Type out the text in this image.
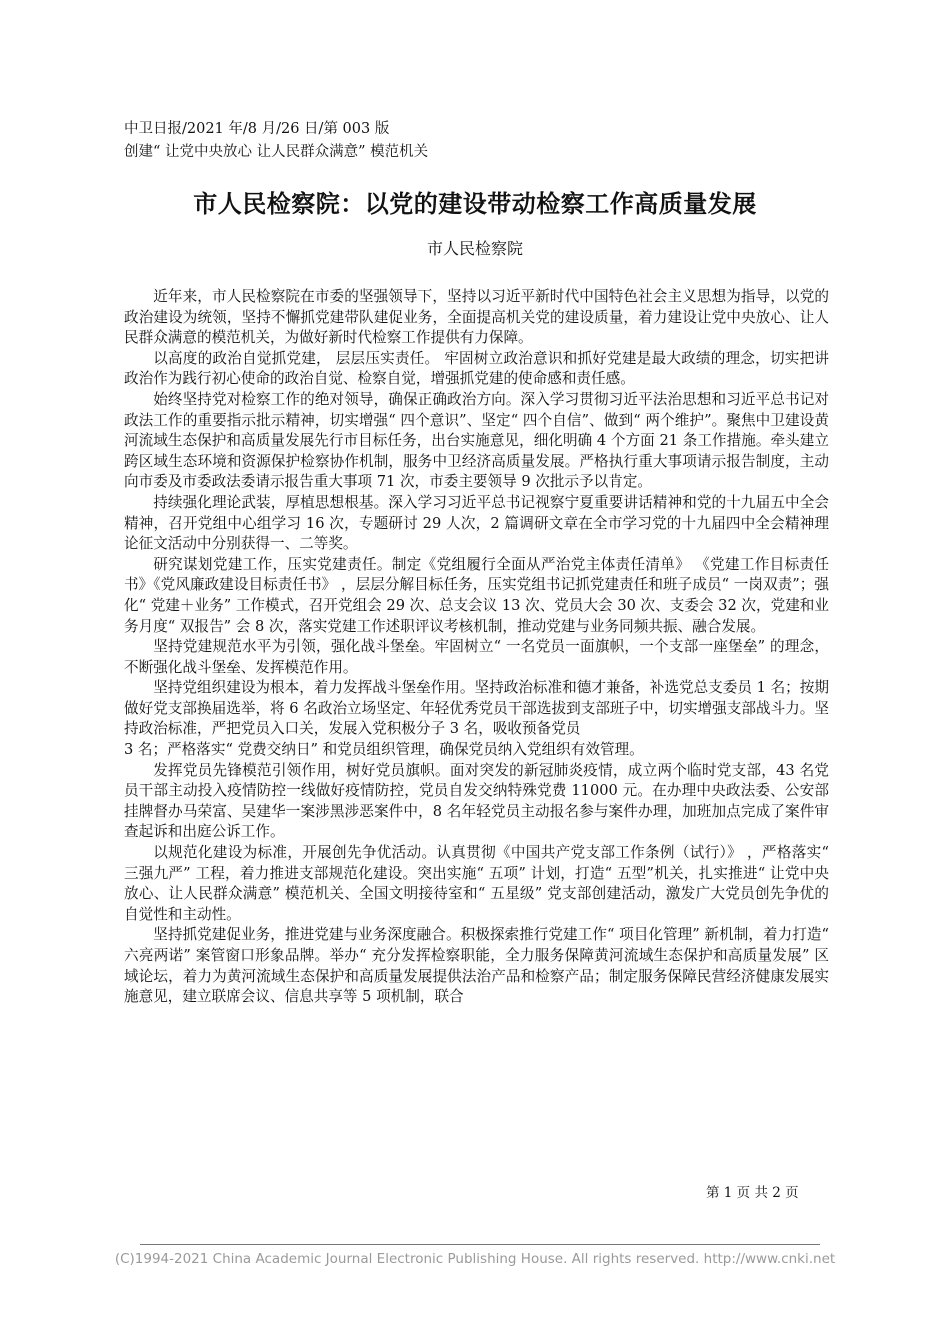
中卫日报/2021 年/8 月/26 日/第 003 版
创建“ 让党中央放心 让人民群众满意” 模范机关
市人民检察院：以党的建设带动检察工作高质量发展
市人民检察院

近年来，市人民检察院在市委的坚强领导下，坚持以习近平新时代中国特色社会主义思想为指导，以党的政治建设为统领，坚持不懈抓党建带队建促业务，全面提高机关党的建设质量，着力建设让党中央放心、让人民群众满意的模范机关，为做好新时代检察工作提供有力保障。

以高度的政治自觉抓党建， 层层压实责任。 牢固树立政治意识和抓好党建是最大政绩的理念，切实把讲政治作为践行初心使命的政治自觉、检察自觉，增强抓党建的使命感和责任感。

始终坚持党对检察工作的绝对领导，确保正确政治方向。深入学习贯彻习近平法治思想和习近平总书记对政法工作的重要指示批示精神，切实增强“ 四个意识”、坚定“ 四个自信”、做到“ 两个维护”。聚焦中卫建设黄河流域生态保护和高质量发展先行市目标任务，出台实施意见，细化明确 4 个方面 21 条工作措施。牵头建立跨区域生态环境和资源保护检察协作机制，服务中卫经济高质量发展。严格执行重大事项请示报告制度，主动向市委及市委政法委请示报告重大事项 71 次，市委主要领导 9 次批示予以肯定。

持续强化理论武装，厚植思想根基。深入学习习近平总书记视察宁夏重要讲话精神和党的十九届五中全会精神，召开党组中心组学习 16 次，专题研讨 29 人次，2 篇调研文章在全市学习党的十九届四中全会精神理论征文活动中分别获得一、二等奖。

研究谋划党建工作，压实党建责任。制定《党组履行全面从严治党主体责任清单》 《党建工作目标责任书》《党风廉政建设目标责任书》 ，层层分解目标任务，压实党组书记抓党建责任和班子成员“ 一岗双责”；强化“ 党建＋业务” 工作模式，召开党组会 29 次、总支会议 13 次、党员大会 30 次、支委会 32 次，党建和业务月度“ 双报告” 会 8 次，落实党建工作述职评议考核机制，推动党建与业务同频共振、融合发展。

坚持党建规范水平为引领，强化战斗堡垒。牢固树立“ 一名党员一面旗帜，一个支部一座堡垒” 的理念，不断强化战斗堡垒、发挥模范作用。

坚持党组织建设为根本，着力发挥战斗堡垒作用。坚持政治标准和德才兼备，补选党总支委员 1 名；按期做好党支部换届选举，将 6 名政治立场坚定、年轻优秀党员干部选拔到支部班子中，切实增强支部战斗力。坚持政治标准，严把党员入口关，发展入党积极分子 3 名，吸收预备党员

3 名；严格落实“ 党费交纳日” 和党员组织管理，确保党员纳入党组织有效管理。

发挥党员先锋模范引领作用，树好党员旗帜。面对突发的新冠肺炎疫情，成立两个临时党支部，43 名党员干部主动投入疫情防控一线做好疫情防控，党员自发交纳特殊党费 11000 元。在办理中央政法委、公安部挂牌督办马荣富、吴建华一案涉黑涉恶案件中，8 名年轻党员主动报名参与案件办理，加班加点完成了案件审查起诉和出庭公诉工作。

以规范化建设为标准，开展创先争优活动。认真贯彻《中国共产党支部工作条例（试行）》 ，严格落实“ 三强九严” 工程，着力推进支部规范化建设。突出实施“ 五项” 计划，打造“ 五型”机关，扎实推进“ 让党中央放心、让人民群众满意” 模范机关、全国文明接待室和“ 五星级” 党支部创建活动，激发广大党员创先争优的自觉性和主动性。

坚持抓党建促业务，推进党建与业务深度融合。积极探索推行党建工作“ 项目化管理” 新机制，着力打造“ 六亮两诺” 案管窗口形象品牌。举办“ 充分发挥检察职能，全力服务保障黄河流域生态保护和高质量发展” 区域论坛，着力为黄河流域生态保护和高质量发展提供法治产品和检察产品；制定服务保障民营经济健康发展实施意见，建立联席会议、信息共享等 5 项机制，联合

第 1 页 共 2 页
(C)1994-2021 China Academic Journal Electronic Publishing House. All rights reserved. http://www.cnki.net
